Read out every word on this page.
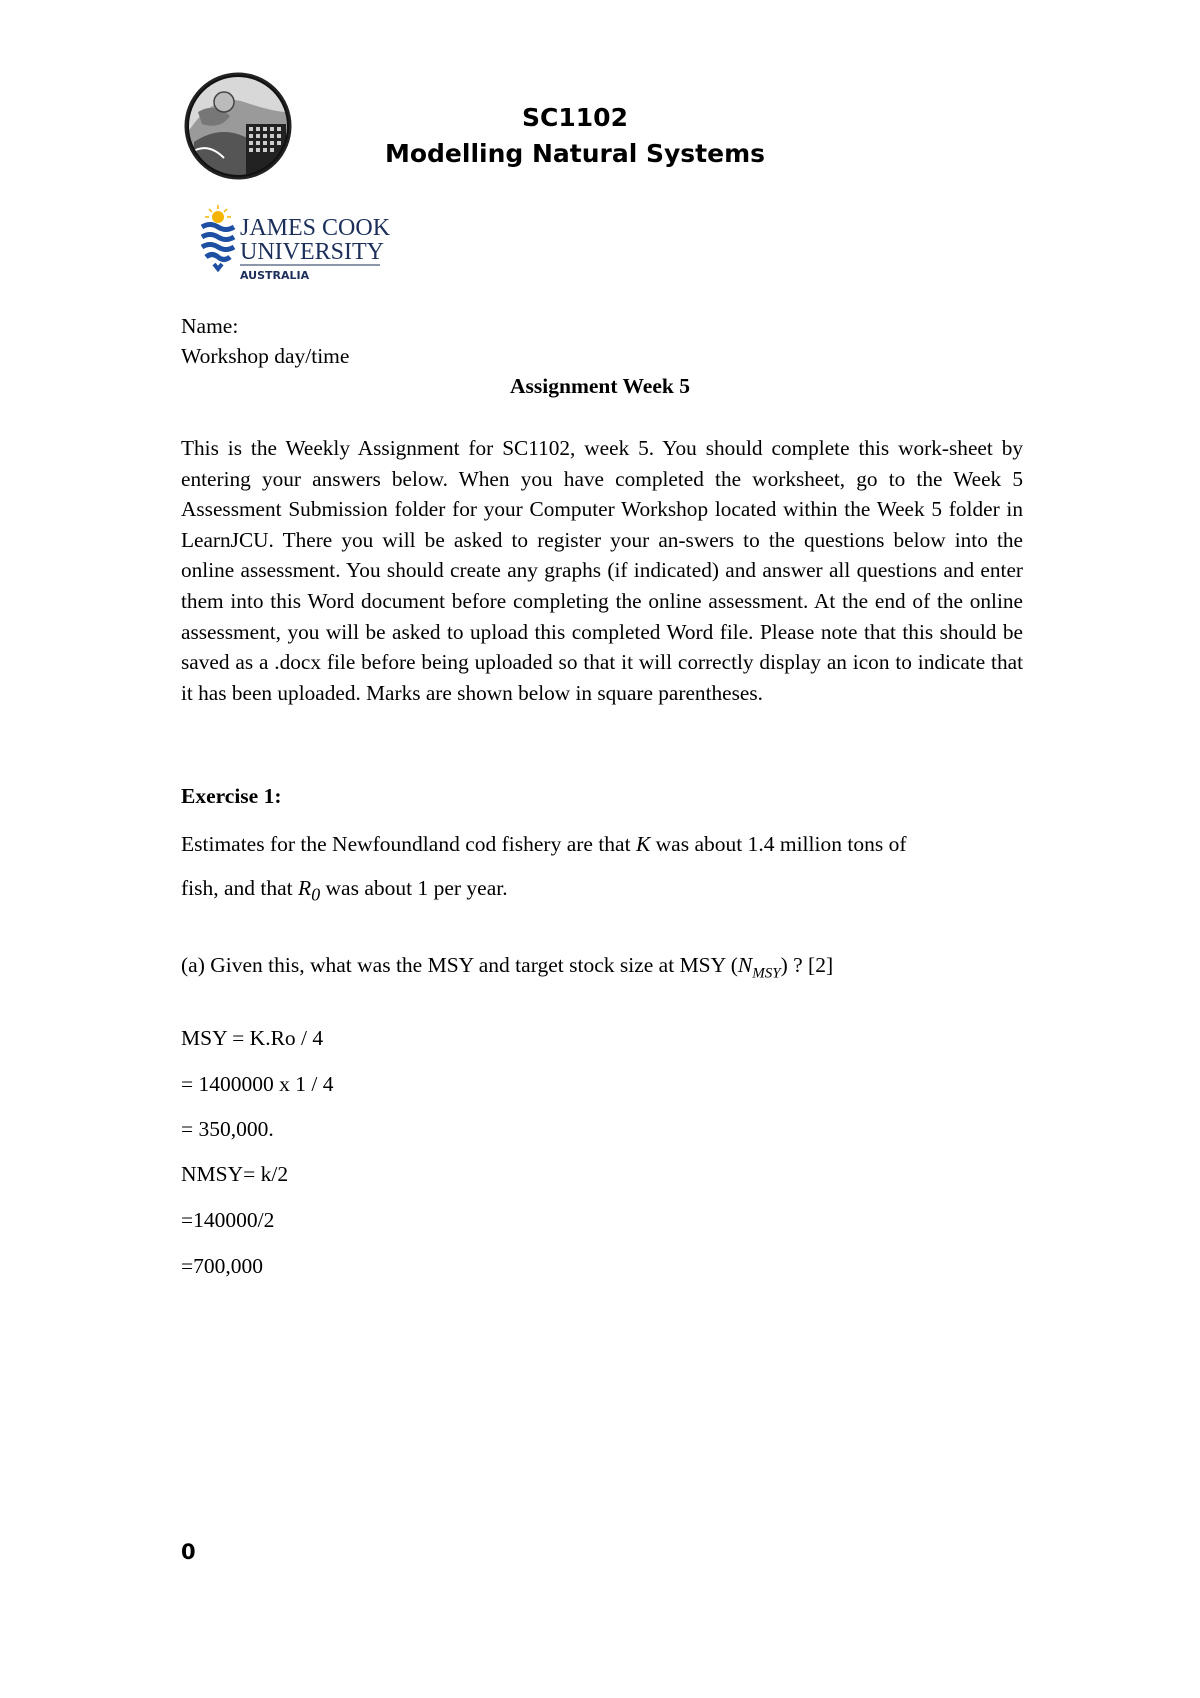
SC1102
Modelling Natural Systems
JAMES COOK
UNIVERSITY
AUSTRALIA
Name:
Workshop day/time
Assignment Week 5
This is the Weekly Assignment for SC1102, week 5. You should complete this work-sheet by entering your answers below. When you have completed the worksheet, go to the Week 5 Assessment Submission folder for your Computer Workshop located within the Week 5 folder in LearnJCU. There you will be asked to register your an-swers to the questions below into the online assessment. You should create any graphs (if indicated) and answer all questions and enter them into this Word document before completing the online assessment. At the end of the online assessment, you will be asked to upload this completed Word file. Please note that this should be saved as a .docx file before being uploaded so that it will correctly display an icon to indicate that it has been uploaded. Marks are shown below in square parentheses.
Exercise 1:
Estimates for the Newfoundland cod fishery are that K was about 1.4 million tons of
fish, and that $R_0$ was about 1 per year.
(a) Given this, what was the MSY and target stock size at MSY $(N_{MSY})$ ? [2]
MSY = K.Ro / 4
= 1400000 x 1 / 4
= 350,000.
NMSY= k/2
=140000/2
=700,000
0
